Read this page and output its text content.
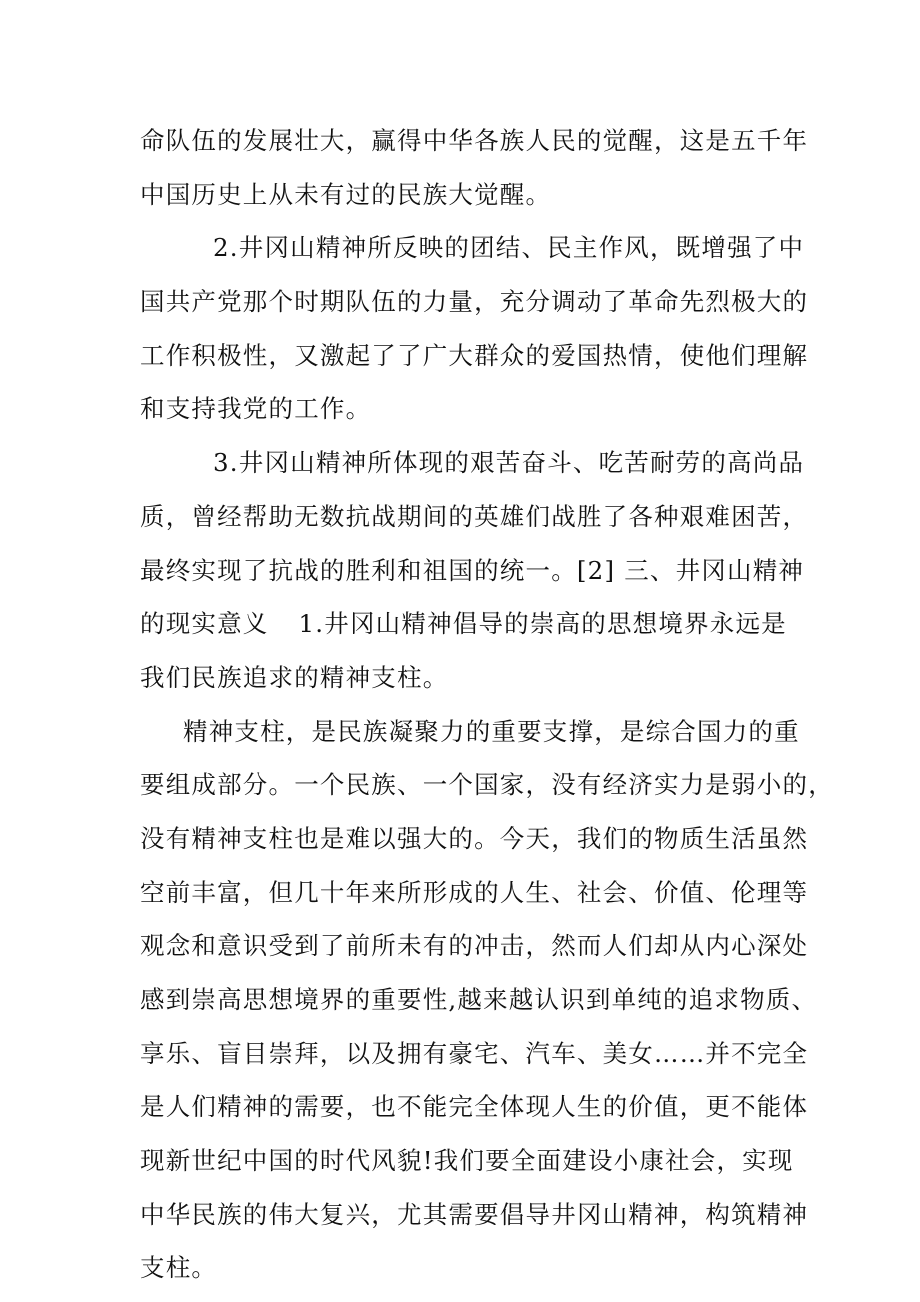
命队伍的发展壮大，赢得中华各族人民的觉醒，这是五千年
中国历史上从未有过的民族大觉醒。
2.井冈山精神所反映的团结、民主作风，既增强了中
国共产党那个时期队伍的力量，充分调动了革命先烈极大的
工作积极性，又激起了了广大群众的爱国热情，使他们理解
和支持我党的工作。
3.井冈山精神所体现的艰苦奋斗、吃苦耐劳的高尚品
质，曾经帮助无数抗战期间的英雄们战胜了各种艰难困苦，
最终实现了抗战的胜利和祖国的统一。[2] 三、井冈山精神
的现实意义 1.井冈山精神倡导的崇高的思想境界永远是
我们民族追求的精神支柱。
精神支柱，是民族凝聚力的重要支撑，是综合国力的重
要组成部分。一个民族、一个国家，没有经济实力是弱小的，
没有精神支柱也是难以强大的。今天，我们的物质生活虽然
空前丰富，但几十年来所形成的人生、社会、价值、伦理等
观念和意识受到了前所未有的冲击，然而人们却从内心深处
感到崇高思想境界的重要性,越来越认识到单纯的追求物质、
享乐、盲目崇拜，以及拥有豪宅、汽车、美女……并不完全
是人们精神的需要，也不能完全体现人生的价值，更不能体
现新世纪中国的时代风貌!我们要全面建设小康社会，实现
中华民族的伟大复兴，尤其需要倡导井冈山精神，构筑精神
支柱。
